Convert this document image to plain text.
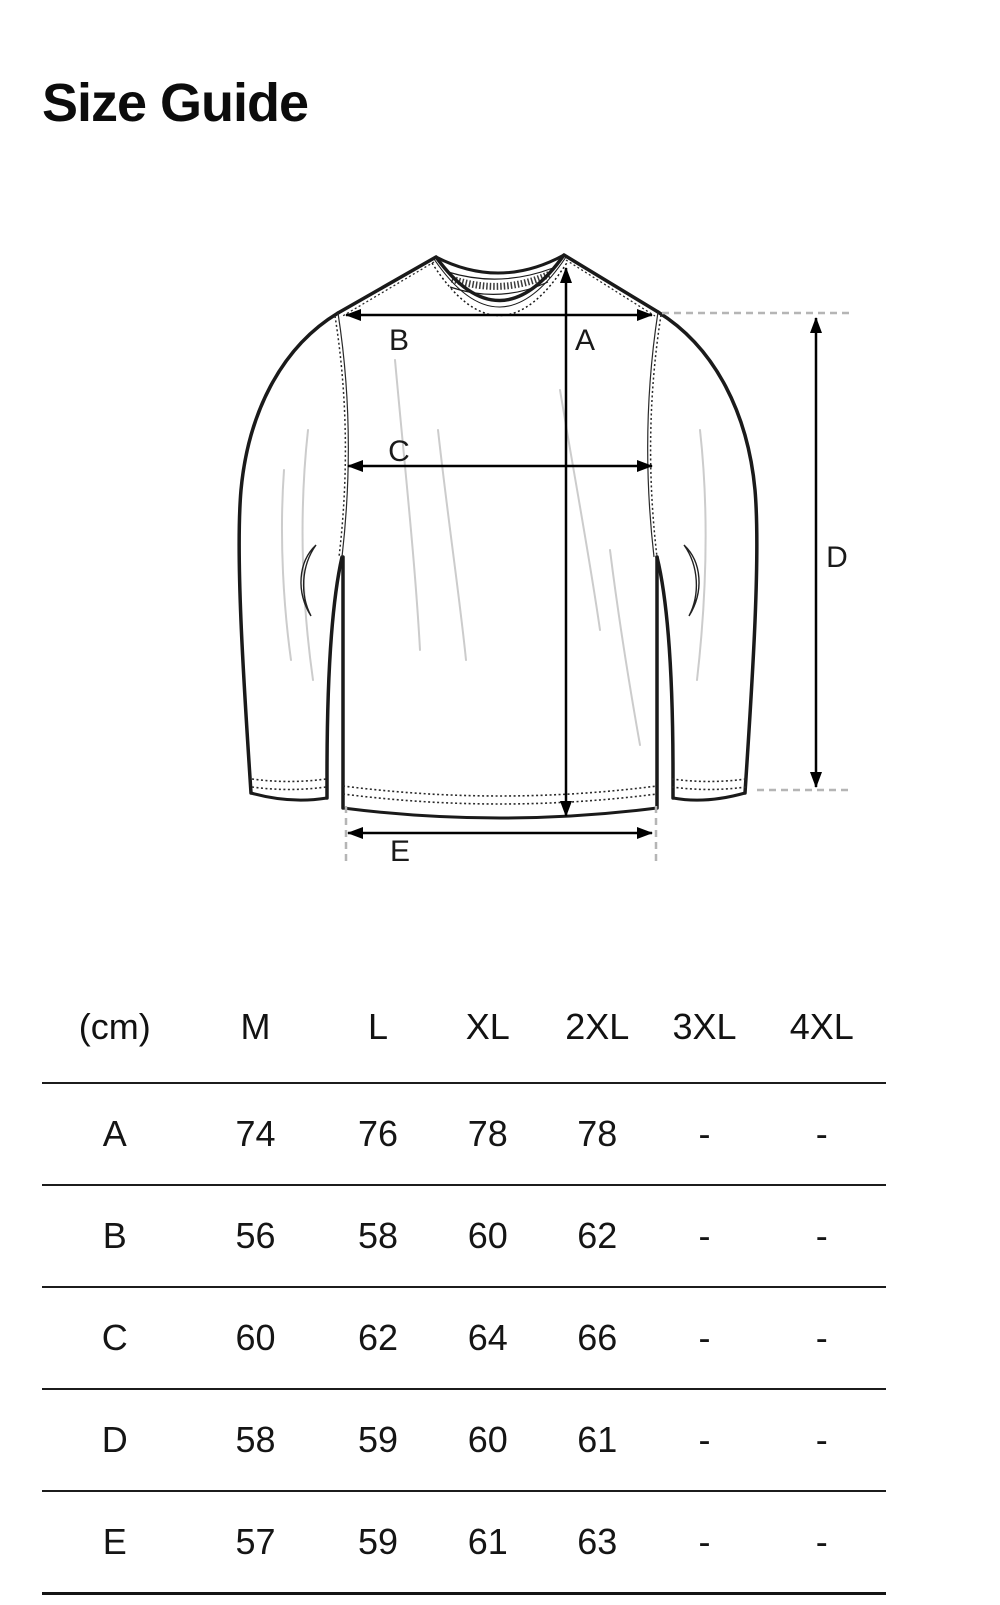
Size Guide
B	A
C
D
E
(cm)	M	L	XL	2XL	3XL	4XL
A	74	76	78	78	-	-
B	56	58	60	62	-	-
C	60	62	64	66	-	-
D	58	59	60	61	-	-
E	57	59	61	63	-	-
